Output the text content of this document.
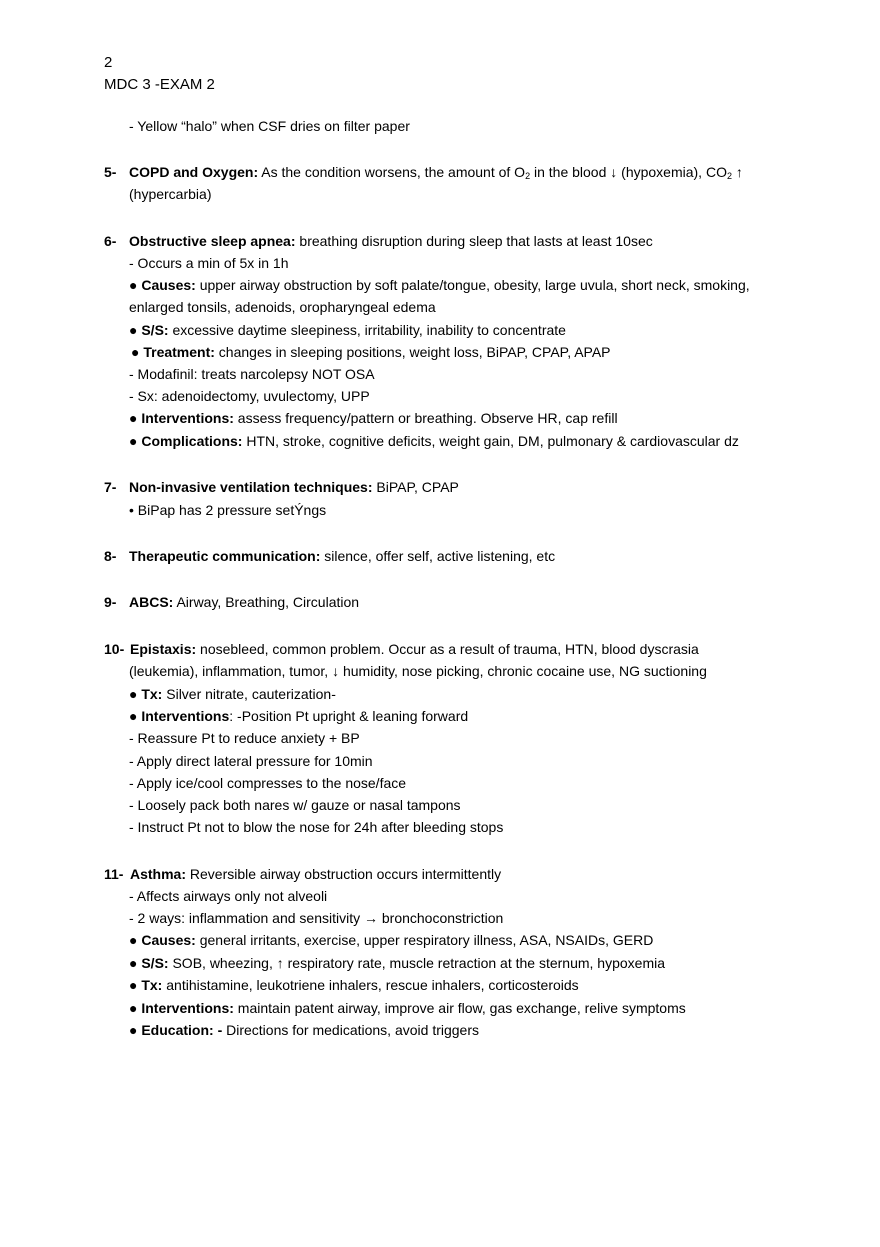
2
MDC 3 -EXAM 2
- Yellow “halo” when CSF dries on filter paper
5- COPD and Oxygen: As the condition worsens, the amount of $O_2$ in the blood ↓ (hypoxemia), $CO_2$ ↑
(hypercarbia)
6- Obstructive sleep apnea: breathing disruption during sleep that lasts at least 10sec
- Occurs a min of 5x in 1h
● Causes: upper airway obstruction by soft palate/tongue, obesity, large uvula, short neck, smoking,
enlarged tonsils, adenoids, oropharyngeal edema
● S/S: excessive daytime sleepiness, irritability, inability to concentrate
● Treatment: changes in sleeping positions, weight loss, BiPAP, CPAP, APAP
- Modafinil: treats narcolepsy NOT OSA
- Sx: adenoidectomy, uvulectomy, UPP
● Interventions: assess frequency/pattern or breathing. Observe HR, cap refill
● Complications: HTN, stroke, cognitive deficits, weight gain, DM, pulmonary & cardiovascular dz
7- Non-invasive ventilation techniques: BiPAP, CPAP
• BiPap has 2 pressure setÝngs
8- Therapeutic communication: silence, offer self, active listening, etc
9- ABCS: Airway, Breathing, Circulation
10- Epistaxis: nosebleed, common problem. Occur as a result of trauma, HTN, blood dyscrasia
(leukemia), inflammation, tumor, ↓ humidity, nose picking, chronic cocaine use, NG suctioning
● Tx: Silver nitrate, cauterization-
● Interventions: -Position Pt upright & leaning forward
- Reassure Pt to reduce anxiety + BP
- Apply direct lateral pressure for 10min
- Apply ice/cool compresses to the nose/face
- Loosely pack both nares w/ gauze or nasal tampons
- Instruct Pt not to blow the nose for 24h after bleeding stops
11- Asthma: Reversible airway obstruction occurs intermittently
- Affects airways only not alveoli
- 2 ways: inflammation and sensitivity → bronchoconstriction
● Causes: general irritants, exercise, upper respiratory illness, ASA, NSAIDs, GERD
● S/S: SOB, wheezing, ↑ respiratory rate, muscle retraction at the sternum, hypoxemia
● Tx: antihistamine, leukotriene inhalers, rescue inhalers, corticosteroids
● Interventions: maintain patent airway, improve air flow, gas exchange, relive symptoms
● Education: - Directions for medications, avoid triggers
